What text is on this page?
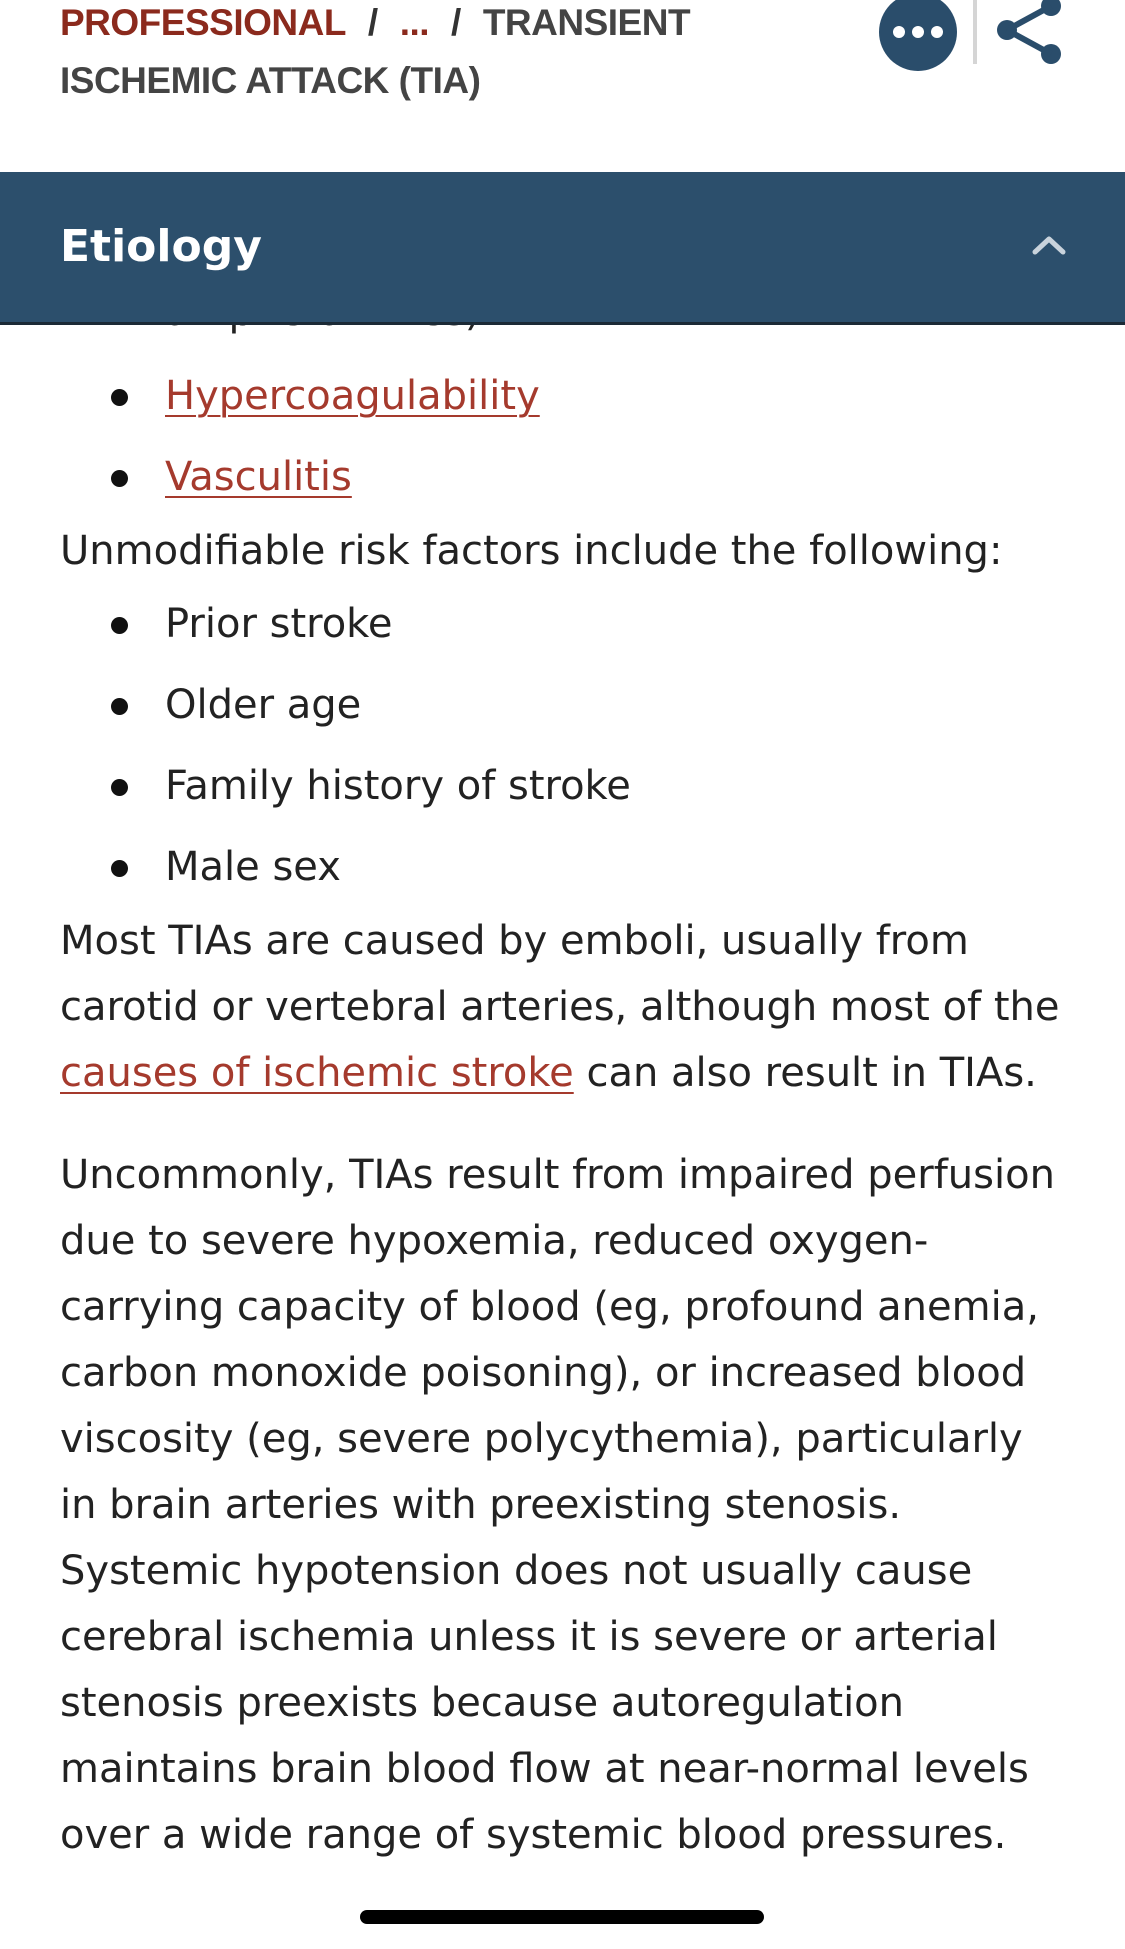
PROFESSIONAL / ... / TRANSIENT
ISCHEMIC ATTACK (TIA)
Etiology
Hypercoagulability
Vasculitis

Unmodifiable risk factors include the following:

Prior stroke
Older age
Family history of stroke
Male sex

Most TIAs are caused by emboli, usually from carotid or vertebral arteries, although most of the causes of ischemic stroke can also result in TIAs.

Uncommonly, TIAs result from impaired perfusion due to severe hypoxemia, reduced oxygen-carrying capacity of blood (eg, profound anemia, carbon monoxide poisoning), or increased blood viscosity (eg, severe polycythemia), particularly in brain arteries with preexisting stenosis. Systemic hypotension does not usually cause cerebral ischemia unless it is severe or arterial stenosis preexists because autoregulation maintains brain blood flow at near-normal levels over a wide range of systemic blood pressures.
